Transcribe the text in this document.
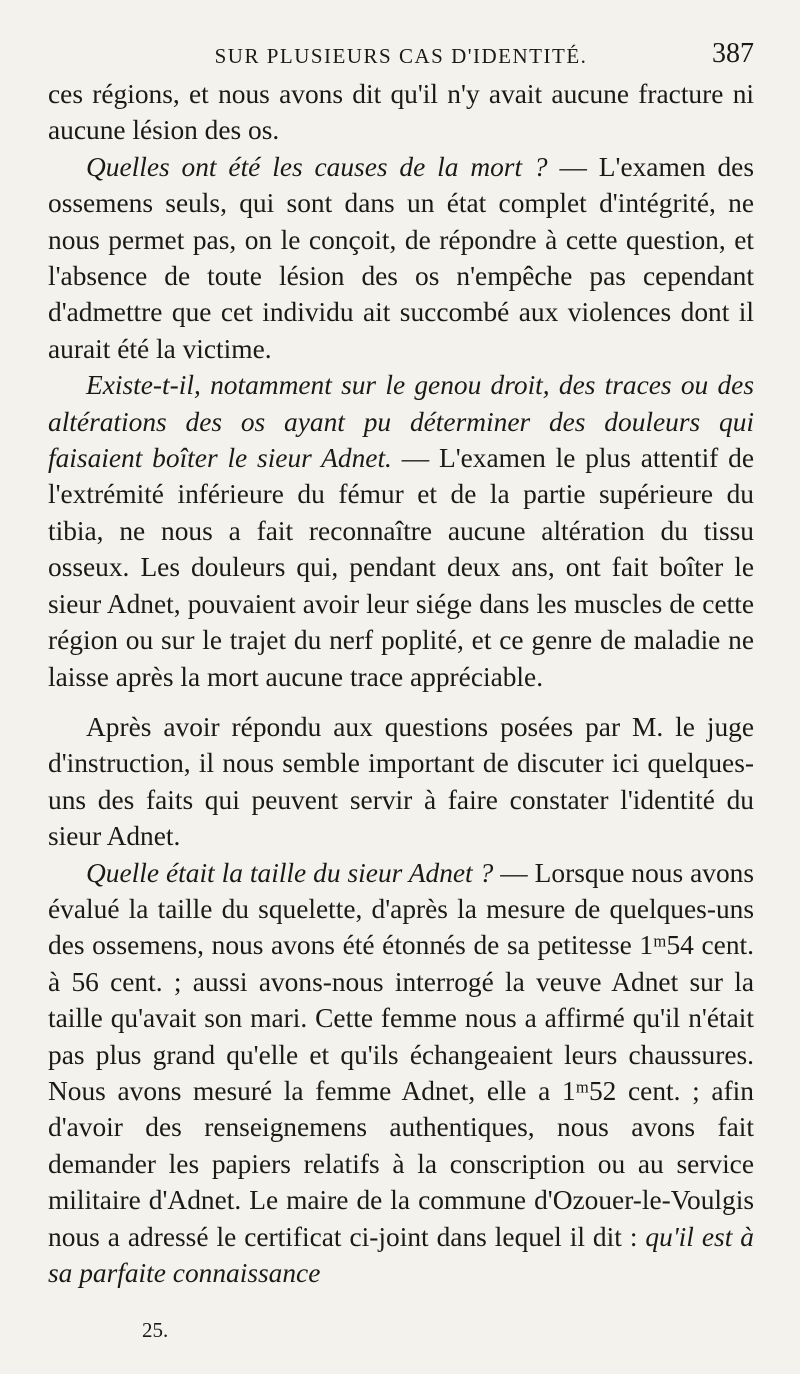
SUR PLUSIEURS CAS D'IDENTITÉ.	387

ces régions, et nous avons dit qu'il n'y avait aucune fracture ni aucune lésion des os.

Quelles ont été les causes de la mort ? — L'examen des ossemens seuls, qui sont dans un état complet d'intégrité, ne nous permet pas, on le conçoit, de répondre à cette question, et l'absence de toute lésion des os n'empêche pas cependant d'admettre que cet individu ait succombé aux violences dont il aurait été la victime.

Existe-t-il, notamment sur le genou droit, des traces ou des altérations des os ayant pu déterminer des douleurs qui faisaient boîter le sieur Adnet. — L'examen le plus attentif de l'extrémité inférieure du fémur et de la partie supérieure du tibia, ne nous a fait reconnaître aucune altération du tissu osseux. Les douleurs qui, pendant deux ans, ont fait boîter le sieur Adnet, pouvaient avoir leur siége dans les muscles de cette région ou sur le trajet du nerf poplité, et ce genre de maladie ne laisse après la mort aucune trace appréciable.

Après avoir répondu aux questions posées par M. le juge d'instruction, il nous semble important de discuter ici quelques-uns des faits qui peuvent servir à faire constater l'identité du sieur Adnet.

Quelle était la taille du sieur Adnet ? — Lorsque nous avons évalué la taille du squelette, d'après la mesure de quelques-uns des ossemens, nous avons été étonnés de sa petitesse 1ᵐ54 cent. à 56 cent. ; aussi avons-nous interrogé la veuve Adnet sur la taille qu'avait son mari. Cette femme nous a affirmé qu'il n'était pas plus grand qu'elle et qu'ils échangeaient leurs chaussures. Nous avons mesuré la femme Adnet, elle a 1ᵐ52 cent. ; afin d'avoir des renseignemens authentiques, nous avons fait demander les papiers relatifs à la conscription ou au service militaire d'Adnet. Le maire de la commune d'Ozouer-le-Voulgis nous a adressé le certificat ci-joint dans lequel il dit : qu'il est à sa parfaite connaissance

25.
